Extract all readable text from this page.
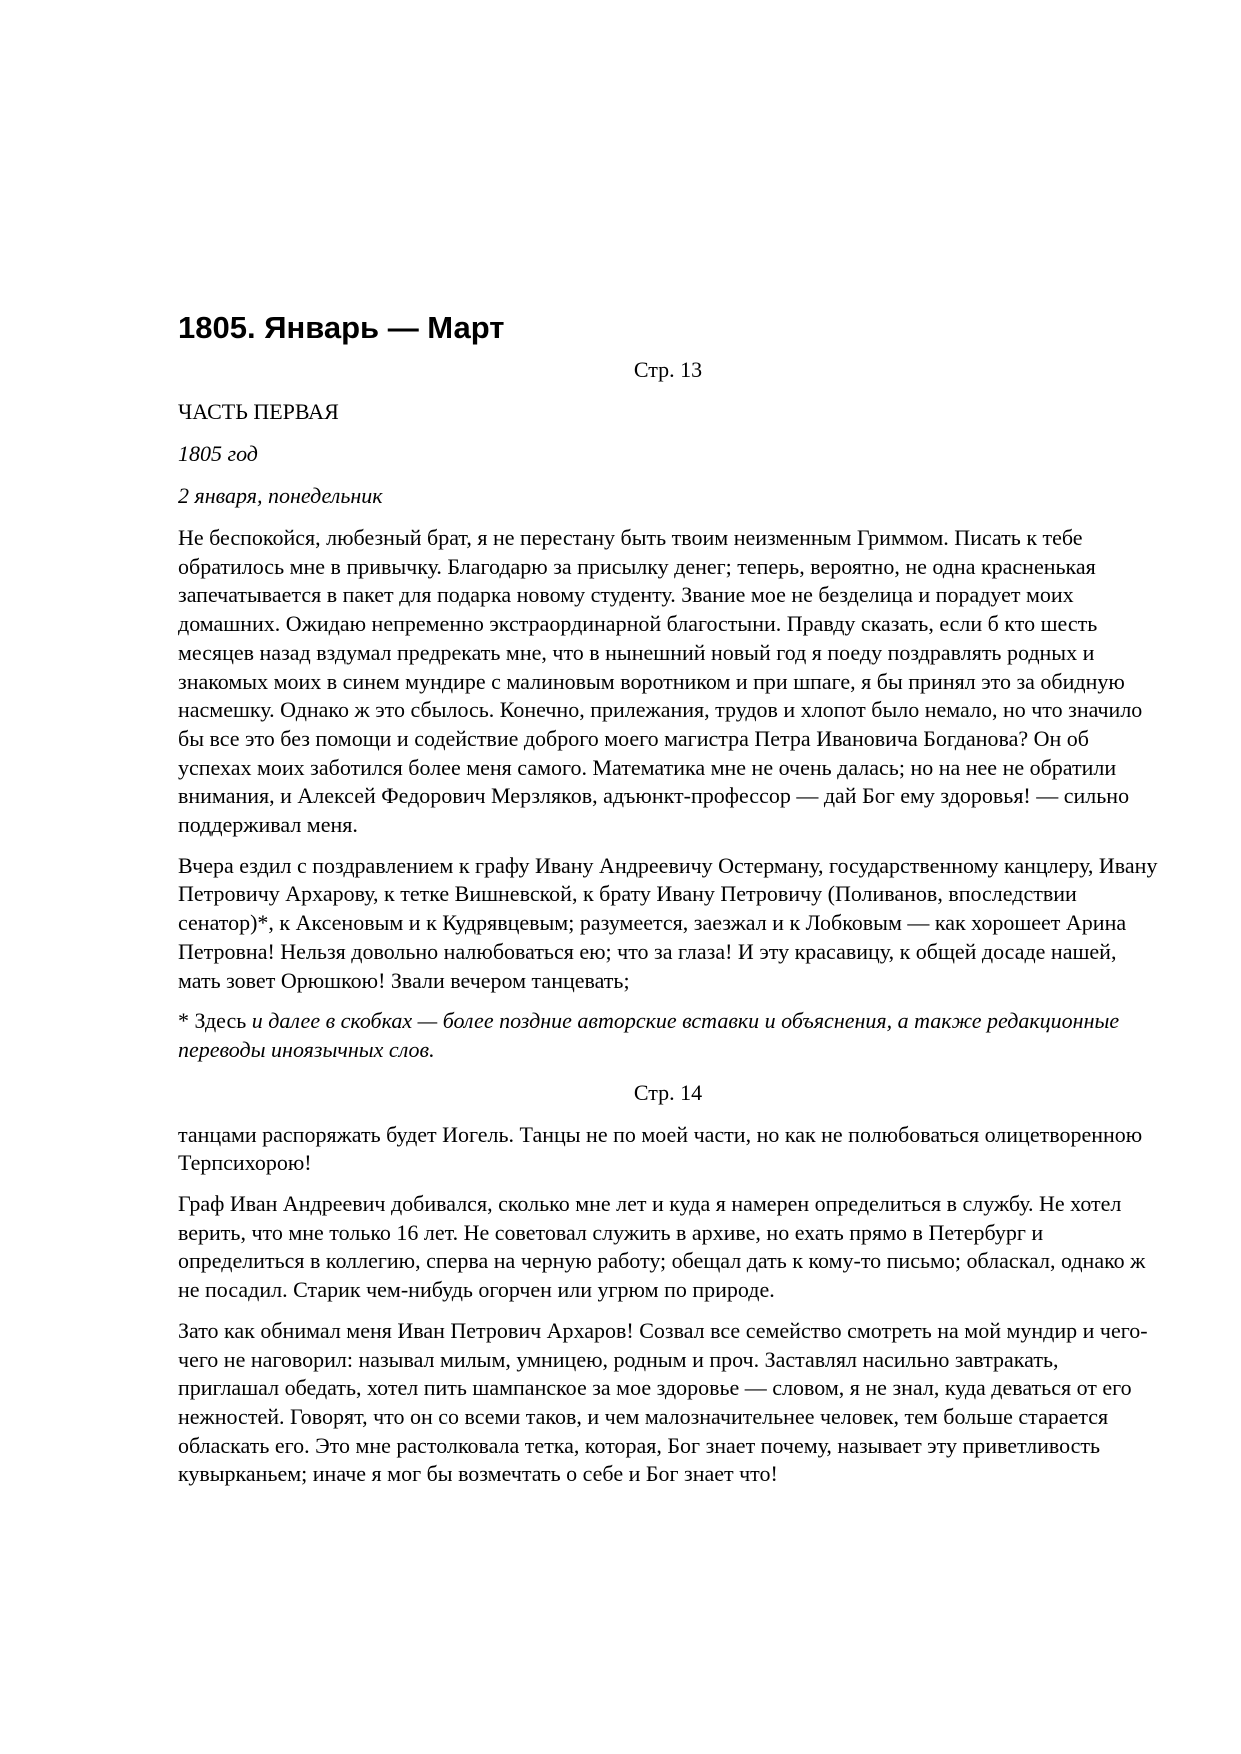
1805. Январь — Март
Стр. 13
ЧАСТЬ ПЕРВАЯ
1805 год
2 января, понедельник

Не беспокойся, любезный брат, я не перестану быть твоим неизменным Гриммом. Писать к тебе обратилось мне в привычку. Благодарю за присылку денег; теперь, вероятно, не одна красненькая запечатывается в пакет для подарка новому студенту. Звание мое не безделица и порадует моих домашних. Ожидаю непременно экстраординарной благостыни. Правду сказать, если б кто шесть месяцев назад вздумал предрекать мне, что в нынешний новый год я поеду поздравлять родных и знакомых моих в синем мундире с малиновым воротником и при шпаге, я бы принял это за обидную насмешку. Однако ж это сбылось. Конечно, прилежания, трудов и хлопот было немало, но что значило бы все это без помощи и содействие доброго моего магистра Петра Ивановича Богданова? Он об успехах моих заботился более меня самого. Математика мне не очень далась; но на нее не обратили внимания, и Алексей Федорович Мерзляков, адъюнкт-профессор — дай Бог ему здоровья! — сильно поддерживал меня.

Вчера ездил с поздравлением к графу Ивану Андреевичу Остерману, государственному канцлеру, Ивану Петровичу Архарову, к тетке Вишневской, к брату Ивану Петровичу (Поливанов, впоследствии сенатор)*, к Аксеновым и к Кудрявцевым; разумеется, заезжал и к Лобковым — как хорошеет Арина Петровна! Нельзя довольно налюбоваться ею; что за глаза! И эту красавицу, к общей досаде нашей, мать зовет Орюшкою! Звали вечером танцевать;

* Здесь и далее в скобках — более поздние авторские вставки и объяснения, а также редакционные переводы иноязычных слов.

Стр. 14

танцами распоряжать будет Иогель. Танцы не по моей части, но как не полюбоваться олицетворенною Терпсихорою!

Граф Иван Андреевич добивался, сколько мне лет и куда я намерен определиться в службу. Не хотел верить, что мне только 16 лет. Не советовал служить в архиве, но ехать прямо в Петербург и определиться в коллегию, сперва на черную работу; обещал дать к кому-то письмо; обласкал, однако ж не посадил. Старик чем-нибудь огорчен или угрюм по природе.

Зато как обнимал меня Иван Петрович Архаров! Созвал все семейство смотреть на мой мундир и чего-чего не наговорил: называл милым, умницею, родным и проч. Заставлял насильно завтракать, приглашал обедать, хотел пить шампанское за мое здоровье — словом, я не знал, куда деваться от его нежностей. Говорят, что он со всеми таков, и чем малозначительнее человек, тем больше старается обласкать его. Это мне растолковала тетка, которая, Бог знает почему, называет эту приветливость кувырканьем; иначе я мог бы возмечтать о себе и Бог знает что!
